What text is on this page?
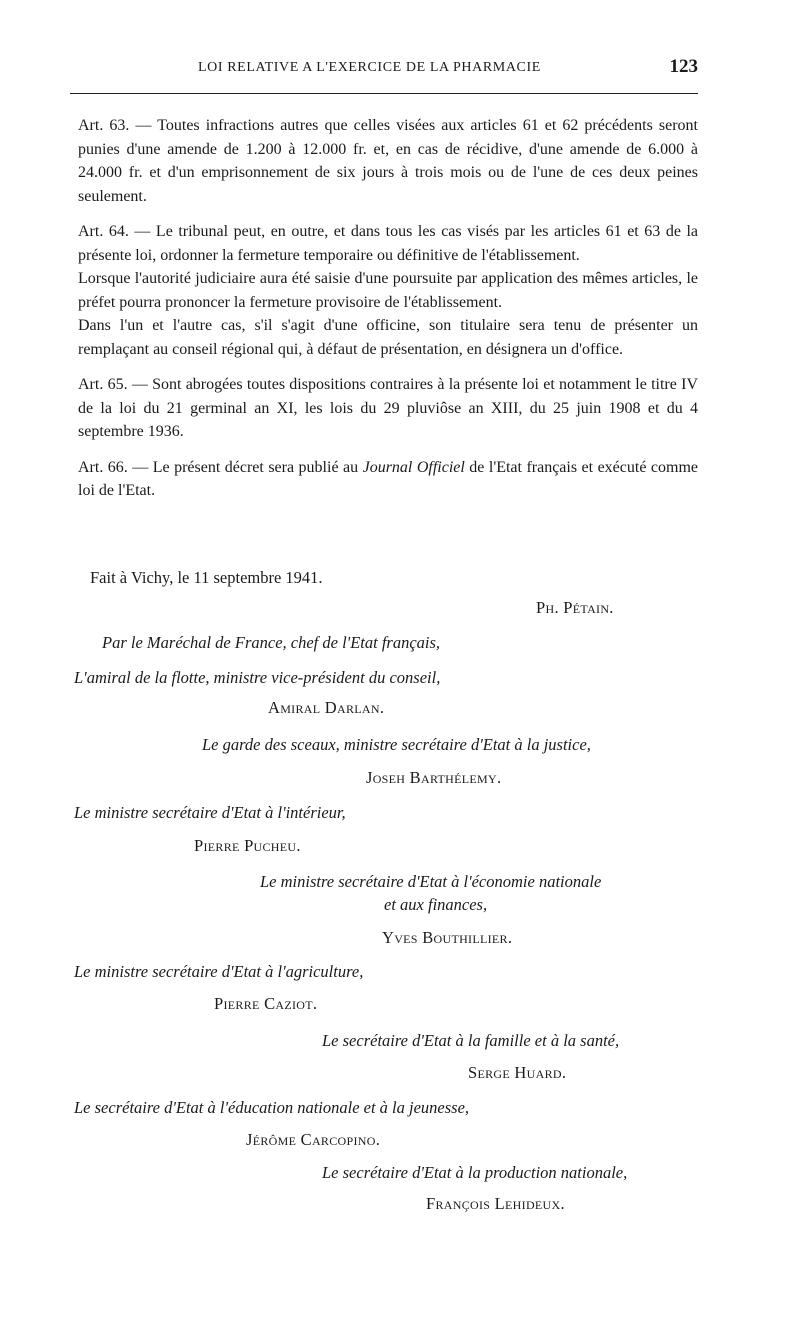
LOI RELATIVE A L'EXERCICE DE LA PHARMACIE	123

Art. 63. — Toutes infractions autres que celles visées aux articles 61 et 62 précédents seront punies d'une amende de 1.200 à 12.000 fr. et, en cas de récidive, d'une amende de 6.000 à 24.000 fr. et d'un emprisonnement de six jours à trois mois ou de l'une de ces deux peines seulement.

Art. 64. — Le tribunal peut, en outre, et dans tous les cas visés par les articles 61 et 63 de la présente loi, ordonner la fermeture temporaire ou définitive de l'établissement.

Lorsque l'autorité judiciaire aura été saisie d'une poursuite par application des mêmes articles, le préfet pourra prononcer la fermeture provisoire de l'établissement.

Dans l'un et l'autre cas, s'il s'agit d'une officine, son titulaire sera tenu de présenter un remplaçant au conseil régional qui, à défaut de présentation, en désignera un d'office.

Art. 65. — Sont abrogées toutes dispositions contraires à la présente loi et notamment le titre IV de la loi du 21 germinal an XI, les lois du 29 pluviôse an XIII, du 25 juin 1908 et du 4 septembre 1936.

Art. 66. — Le présent décret sera publié au Journal Officiel de l'Etat français et exécuté comme loi de l'Etat.

Fait à Vichy, le 11 septembre 1941.
Ph. Pétain.
Par le Maréchal de France, chef de l'Etat français,
L'amiral de la flotte, ministre vice-président du conseil,
Amiral Darlan.
Le garde des sceaux, ministre secrétaire d'Etat à la justice,
Joseh Barthélemy.
Le ministre secrétaire d'Etat à l'intérieur,
Pierre Pucheu.
Le ministre secrétaire d'Etat à l'économie nationale
et aux finances,
Yves Bouthillier.
Le ministre secrétaire d'Etat à l'agriculture,
Pierre Caziot.
Le secrétaire d'Etat à la famille et à la santé,
Serge Huard.
Le secrétaire d'Etat à l'éducation nationale et à la jeunesse,
Jérôme Carcopino.
Le secrétaire d'Etat à la production nationale,
François Lehideux.
